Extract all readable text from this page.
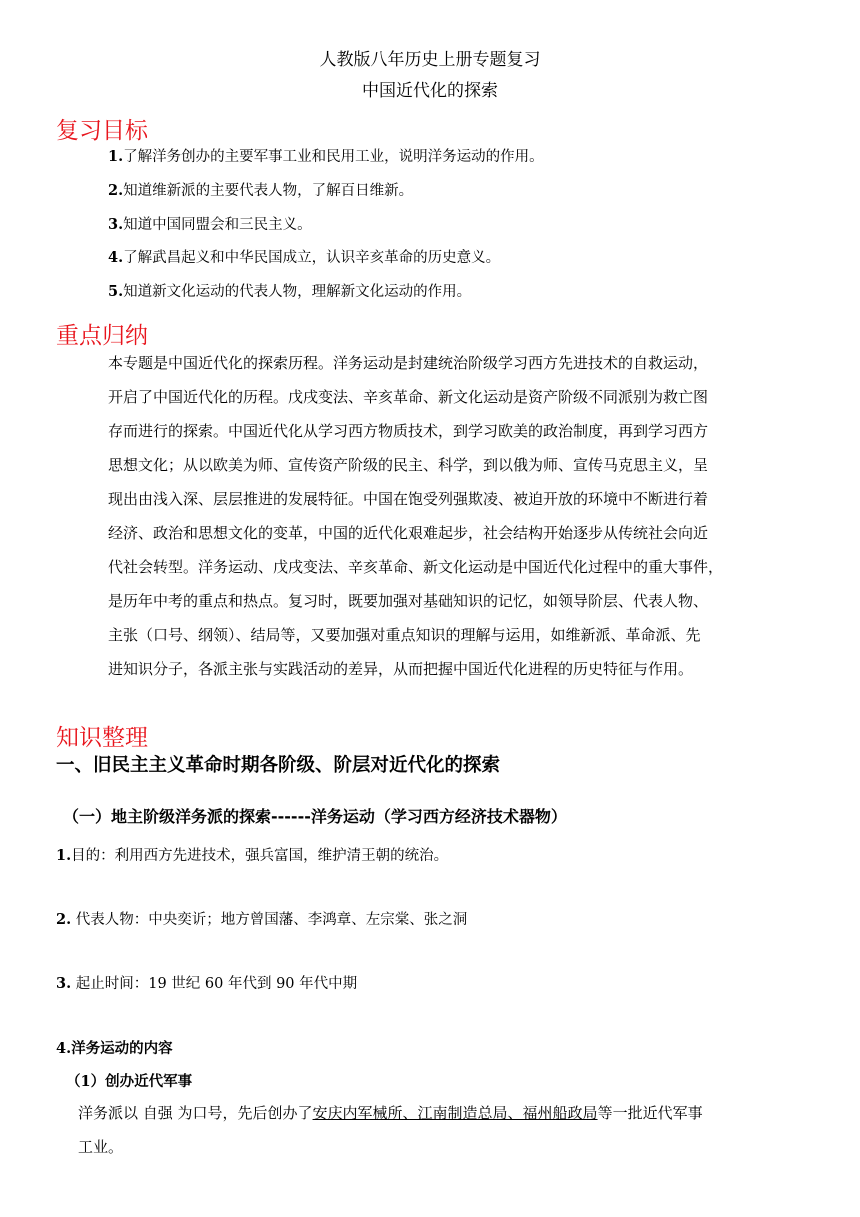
人教版八年历史上册专题复习
中国近代化的探索
复习目标
1.了解洋务创办的主要军事工业和民用工业，说明洋务运动的作用。
2.知道维新派的主要代表人物，了解百日维新。
3.知道中国同盟会和三民主义。
4.了解武昌起义和中华民国成立，认识辛亥革命的历史意义。
5.知道新文化运动的代表人物，理解新文化运动的作用。
重点归纳
本专题是中国近代化的探索历程。洋务运动是封建统治阶级学习西方先进技术的自救运动，
开启了中国近代化的历程。戊戌变法、辛亥革命、新文化运动是资产阶级不同派别为救亡图
存而进行的探索。中国近代化从学习西方物质技术，到学习欧美的政治制度，再到学习西方
思想文化；从以欧美为师、宣传资产阶级的民主、科学，到以俄为师、宣传马克思主义，呈
现出由浅入深、层层推进的发展特征。中国在饱受列强欺凌、被迫开放的环境中不断进行着
经济、政治和思想文化的变革，中国的近代化艰难起步，社会结构开始逐步从传统社会向近
代社会转型。洋务运动、戊戌变法、辛亥革命、新文化运动是中国近代化过程中的重大事件，
是历年中考的重点和热点。复习时，既要加强对基础知识的记忆，如领导阶层、代表人物、
主张（口号、纲领）、结局等，又要加强对重点知识的理解与运用，如维新派、革命派、先
进知识分子，各派主张与实践活动的差异，从而把握中国近代化进程的历史特征与作用。
知识整理
一、旧民主主义革命时期各阶级、阶层对近代化的探索
（一）地主阶级洋务派的探索------洋务运动（学习西方经济技术器物）
1.目的：利用西方先进技术，强兵富国，维护清王朝的统治。
2. 代表人物：中央奕䜣；地方曾国藩、李鸿章、左宗棠、张之洞
3. 起止时间：19 世纪 60 年代到 90 年代中期
4.洋务运动的内容
（1）创办近代军事
洋务派以 自强 为口号，先后创办了安庆内军械所、江南制造总局、福州船政局等一批近代军事
工业。
